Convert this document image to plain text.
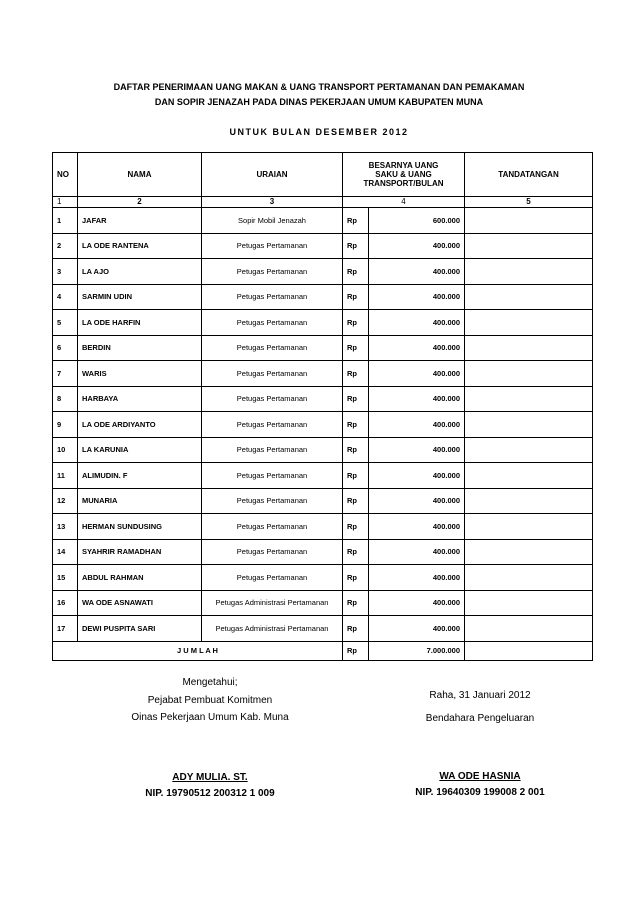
DAFTAR PENERIMAAN UANG MAKAN & UANG TRANSPORT PERTAMANAN DAN PEMAKAMAN
DAN SOPIR JENAZAH PADA DINAS PEKERJAAN UMUM KABUPATEN MUNA
UNTUK BULAN DESEMBER 2012
NO	NAMA	URAIAN	BESARNYA UANG
SAKU & UANG
TRANSPORT/BULAN		TANDATANGAN
1	2	3	4		5
1	JAFAR	Sopir Mobil Jenazah	Rp	600.000	
2	LA ODE RANTENA	Petugas Pertamanan	Rp	400.000	
3	LA AJO	Petugas Pertamanan	Rp	400.000	
4	SARMIN UDIN	Petugas Pertamanan	Rp	400.000	
5	LA ODE HARFIN	Petugas Pertamanan	Rp	400.000	
6	BERDIN	Petugas Pertamanan	Rp	400.000	
7	WARIS	Petugas Pertamanan	Rp	400.000	
8	HARBAYA	Petugas Pertamanan	Rp	400.000	
9	LA ODE ARDIYANTO	Petugas Pertamanan	Rp	400.000	
10	LA KARUNIA	Petugas Pertamanan	Rp	400.000	
11	ALIMUDIN. F	Petugas Pertamanan	Rp	400.000	
12	MUNARIA	Petugas Pertamanan	Rp	400.000	
13	HERMAN SUNDUSING	Petugas Pertamanan	Rp	400.000	
14	SYAHRIR RAMADHAN	Petugas Pertamanan	Rp	400.000	
15	ABDUL RAHMAN	Petugas Pertamanan	Rp	400.000	
16	WA ODE ASNAWATI	Petugas Administrasi Pertamanan	Rp	400.000	
17	DEWI PUSPITA SARI	Petugas Administrasi Pertamanan	Rp	400.000	
J U M L A H			Rp	7.000.000	
Mengetahui;
Pejabat Pembuat Komitmen
Oinas Pekerjaan Umum Kab. Muna
ADY MULIA. ST.
NIP. 19790512 200312 1 009
Raha, 31 Januari 2012
Bendahara Pengeluaran
WA ODE HASNIA
NIP. 19640309 199008 2 001
